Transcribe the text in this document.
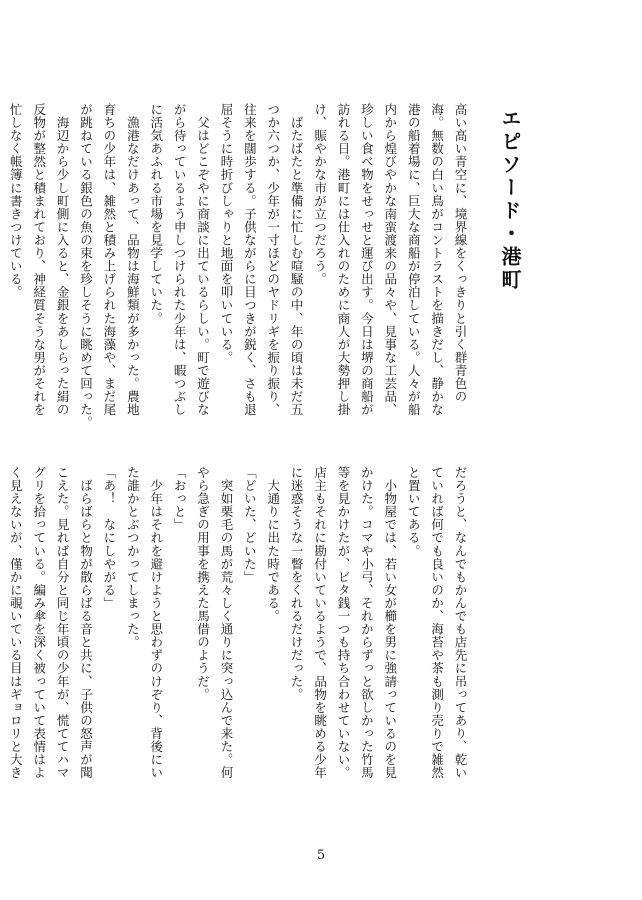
エピソード・港町
高い高い青空に、境界線をくっきりと引く群青色の
海。無数の白い鳥がコントラストを描きだし、静かな
港の船着場に、巨大な商船が停泊している。人々が船
内から煌びやかな南蛮渡来の品々や、見事な工芸品、
珍しい食べ物をせっせと運び出す。今日は堺の商船が
訪れる日。港町には仕入れのために商人が大勢押し掛
け、賑やかな市が立つだろう。
　ばたばたと準備に忙しむ喧騒の中、年の頃は未だ五
つか六つか、少年が一寸ほどのヤドリギを振り振り、
往来を闊歩する。子供ながらに目つきが鋭く、さも退
屈そうに時折びしゃりと地面を叩いている。
　父はどこぞやに商談に出ているらしい。町で遊びな
がら待っているよう申しつけられた少年は、暇つぶし
に活気あふれる市場を見学していた。
　漁港なだけあって、品物は海鮮類が多かった。農地
育ちの少年は、雑然と積み上げられた海藻や、まだ尾
が跳ねている銀色の魚の束を珍しそうに眺めて回った。
　海辺から少し町側に入ると、金銀をあしらった絹の
反物が整然と積まれており、神経質そうな男がそれを
忙しなく帳簿に書きつけている。
だろうと、なんでもかんでも店先に吊ってあり、乾い
ていれば何でも良いのか、海苔や茶も測り売りで雑然
と置いてある。
　小物屋では、若い女が櫛を男に強請っているのを見
かけた。コマや小弓、それからずっと欲しかった竹馬
等を見かけたが、ビタ銭一つも持ち合わせていない。
店主もそれに勘付いているようで、品物を眺める少年
に迷惑そうな一瞥をくれるだけだった。
　大通りに出た時である。
「どいた、どいた」
　突如栗毛の馬が荒々しく通りに突っ込んで来た。何
やら急ぎの用事を携えた馬借のようだ。
「おっと」
　少年はそれを避けようと思わずのけぞり、背後にい
た誰かとぶつかってしまった。
「あ！　なにしやがる」
　ばらばらと物が散らばる音と共に、子供の怒声が聞
こえた。見れば自分と同じ年頃の少年が、慌ててハマ
グリを拾っている。編み傘を深く被っていて表情はよ
く見えないが、僅かに覗いている目はギョロリと大き
5
